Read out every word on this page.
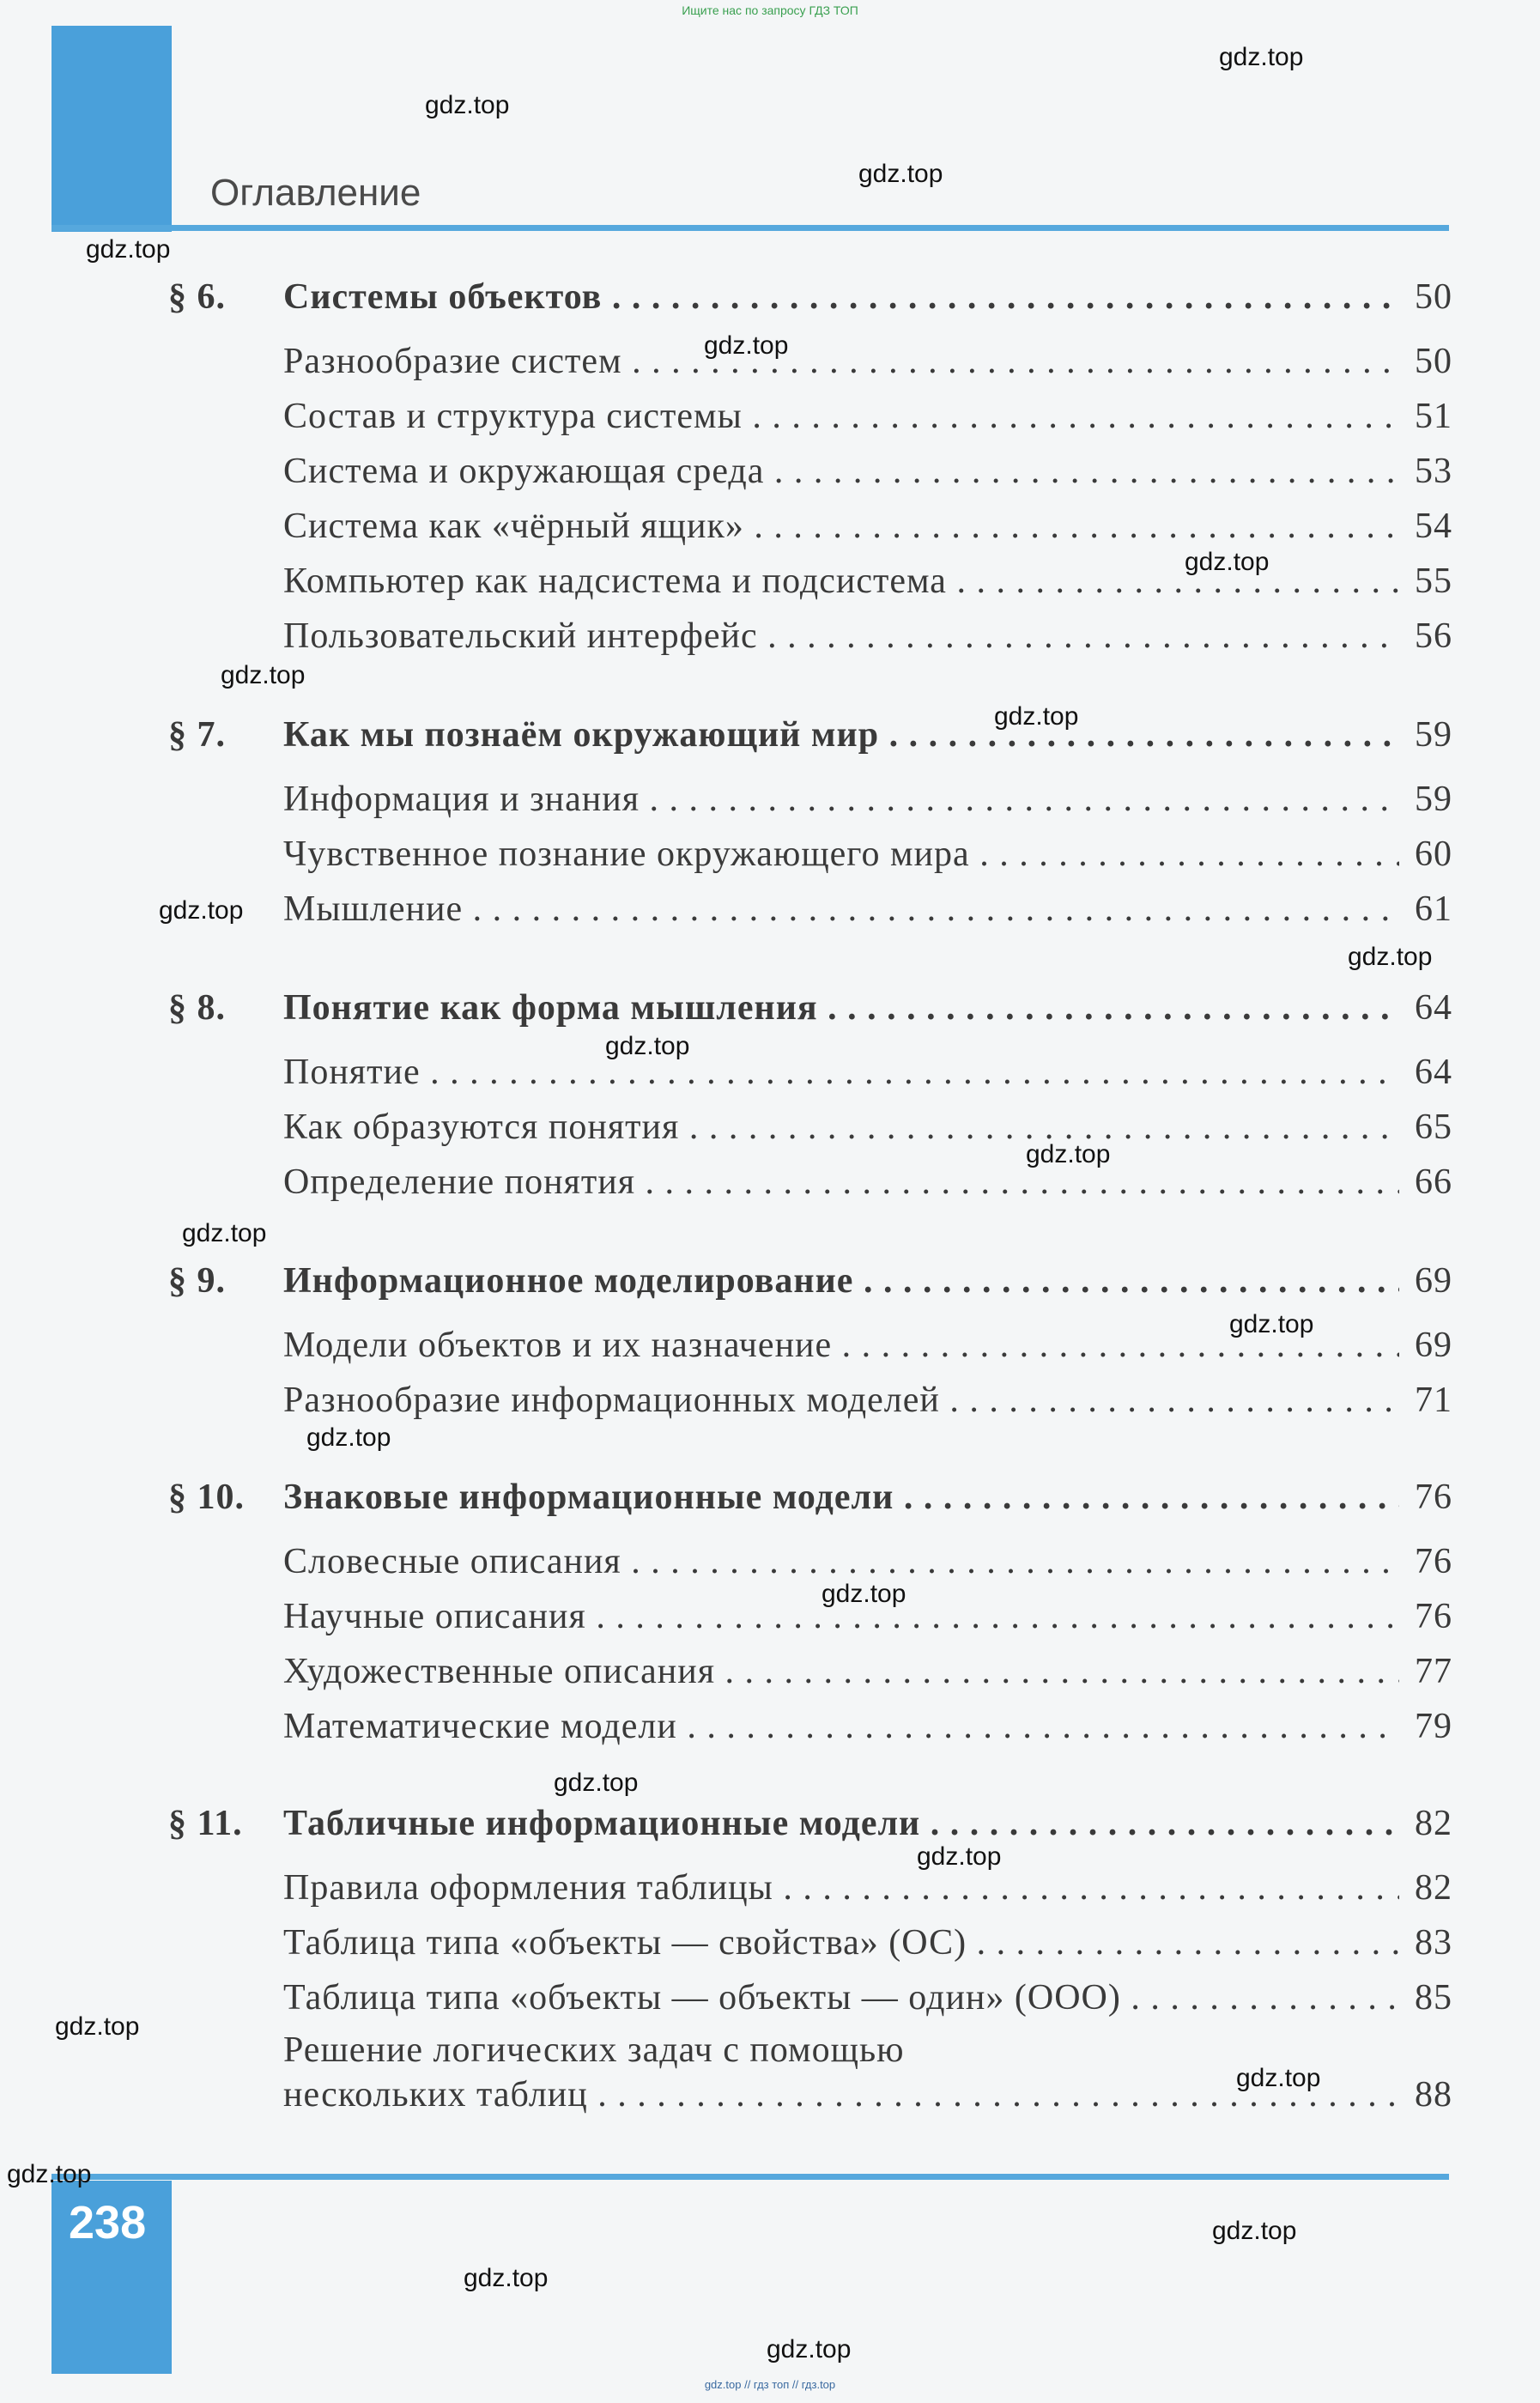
Ищите нас по запросу ГДЗ ТОП
Оглавление
§ 6. Системы объектов . . .	50
Разнообразие систем . . .	50
Состав и структура системы . . .	51
Система и окружающая среда . . .	53
Система как «чёрный ящик» . . .	54
Компьютер как надсистема и подсистема . . .	55
Пользовательский интерфейс . . .	56
§ 7. Как мы познаём окружающий мир . . .	59
Информация и знания . . .	59
Чувственное познание окружающего мира . . .	60
Мышление . . .	61
§ 8. Понятие как форма мышления . . .	64
Понятие . . .	64
Как образуются понятия . . .	65
Определение понятия . . .	66
§ 9. Информационное моделирование . . .	69
Модели объектов и их назначение . . .	69
Разнообразие информационных моделей . . .	71
§ 10. Знаковые информационные модели . . .	76
Словесные описания . . .	76
Научные описания . . .	76
Художественные описания . . .	77
Математические модели . . .	79
§ 11. Табличные информационные модели . . .	82
Правила оформления таблицы . . .	82
Таблица типа «объекты — свойства» (ОС) . . .	83
Таблица типа «объекты — объекты — один» (ООО) . . .	85
Решение логических задач с помощью
нескольких таблиц . . .	88
238
gdz.top // гдз топ // гдз.top
gdz.top
gdz.top
gdz.top
gdz.top
gdz.top
gdz.top
gdz.top
gdz.top
gdz.top
gdz.top
gdz.top
gdz.top
gdz.top
gdz.top
gdz.top
gdz.top
gdz.top
gdz.top
gdz.top
gdz.top
gdz.top
gdz.top
gdz.top
gdz.top
